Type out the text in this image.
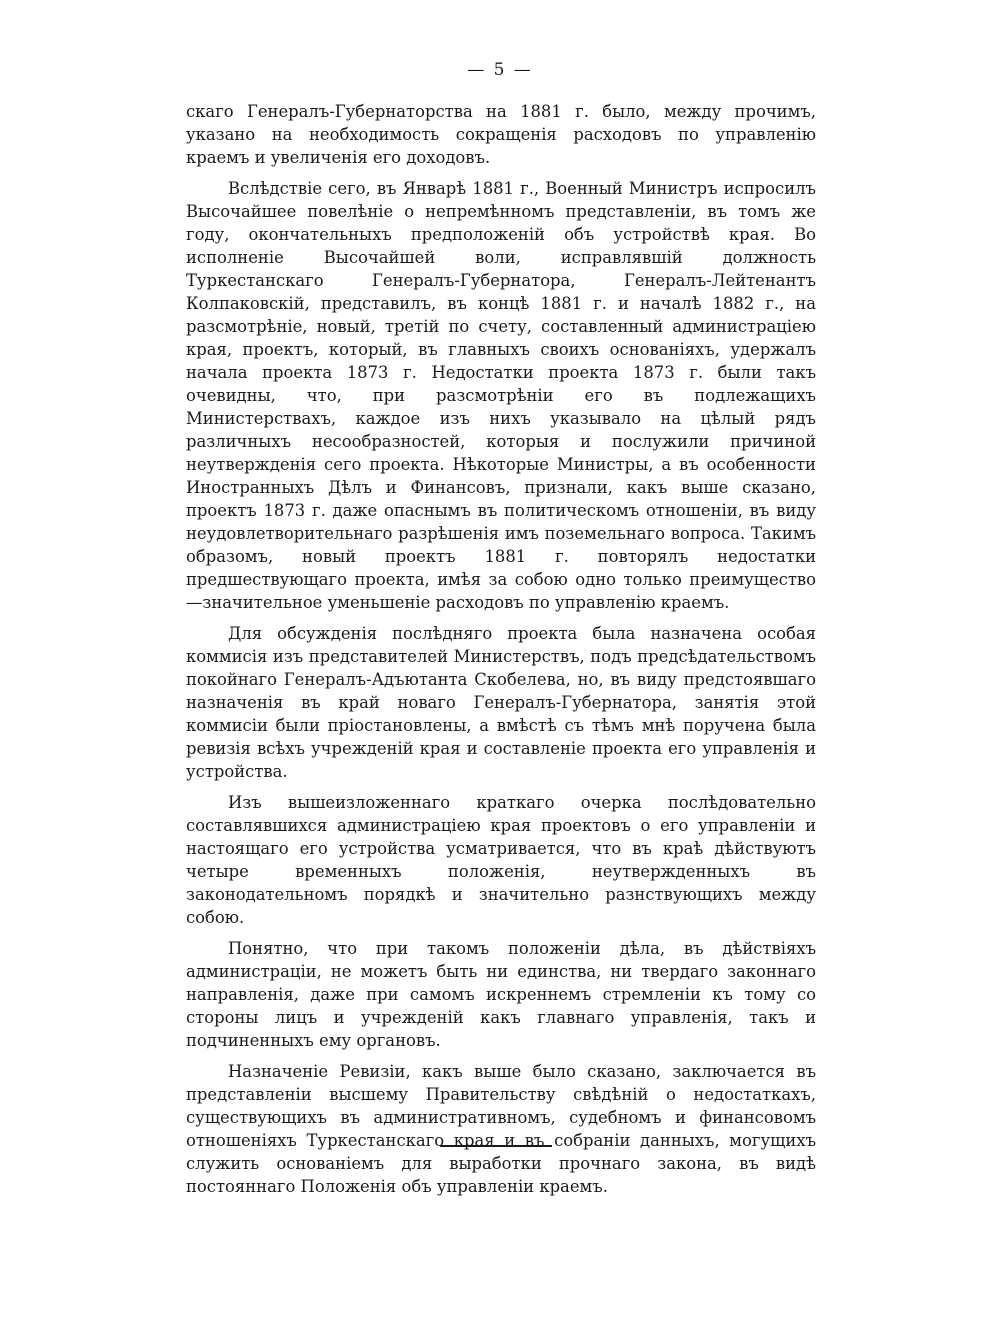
— 5 —

скаго Генералъ-Губернаторства на 1881 г. было, между прочимъ, указано на необходимость сокращенія расходовъ по управленію краемъ и увеличенія его доходовъ.

Вслѣдствіе сего, въ Январѣ 1881 г., Военный Министръ испросилъ Высочайшее повелѣніе о непремѣнномъ представленіи, въ томъ же году, окончательныхъ предположеній объ устройствѣ края. Во исполненіе Высочайшей воли, исправлявшій должность Туркестанскаго Генералъ-Губернатора, Генералъ-Лейтенантъ Колпаковскій, представилъ, въ концѣ 1881 г. и началѣ 1882 г., на разсмотрѣніе, новый, третій по счету, составленный администраціею края, проектъ, который, въ главныхъ своихъ основаніяхъ, удержалъ начала проекта 1873 г. Недостатки проекта 1873 г. были такъ очевидны, что, при разсмотрѣніи его въ подлежащихъ Министерствахъ, каждое изъ нихъ указывало на цѣлый рядъ различныхъ несообразностей, которыя и послужили причиной неутвержденія сего проекта. Нѣкоторые Министры, а въ особенности Иностранныхъ Дѣлъ и Финансовъ, признали, какъ выше сказано, проектъ 1873 г. даже опаснымъ въ политическомъ отношеніи, въ виду неудовлетворительнаго разрѣшенія имъ поземельнаго вопроса. Такимъ образомъ, новый проектъ 1881 г. повторялъ недостатки предшествующаго проекта, имѣя за собою одно только преимущество—значительное уменьшеніе расходовъ по управленію краемъ.

Для обсужденія послѣдняго проекта была назначена особая коммисія изъ представителей Министерствъ, подъ предсѣдательствомъ покойнаго Генералъ-Адъютанта Скобелева, но, въ виду предстоявшаго назначенія въ край новаго Генералъ-Губернатора, занятія этой коммисіи были пріостановлены, а вмѣстѣ съ тѣмъ мнѣ поручена была ревизія всѣхъ учрежденій края и составленіе проекта его управленія и устройства.

Изъ вышеизложеннаго краткаго очерка послѣдовательно составлявшихся администраціею края проектовъ о его управленіи и настоящаго его устройства усматривается, что въ краѣ дѣйствуютъ четыре временныхъ положенія, неутвержденныхъ въ законодательномъ порядкѣ и значительно разнствующихъ между собою.

Понятно, что при такомъ положеніи дѣла, въ дѣйствіяхъ администраціи, не можетъ быть ни единства, ни твердаго законнаго направленія, даже при самомъ искреннемъ стремленіи къ тому со стороны лицъ и учрежденій какъ главнаго управленія, такъ и подчиненныхъ ему органовъ.

Назначеніе Ревизіи, какъ выше было сказано, заключается въ представленіи высшему Правительству свѣдѣній о недостаткахъ, существующихъ въ административномъ, судебномъ и финансовомъ отношеніяхъ Туркестанскаго края и въ собраніи данныхъ, могущихъ служить основаніемъ для выработки прочнаго закона, въ видѣ постояннаго Положенія объ управленіи краемъ.
